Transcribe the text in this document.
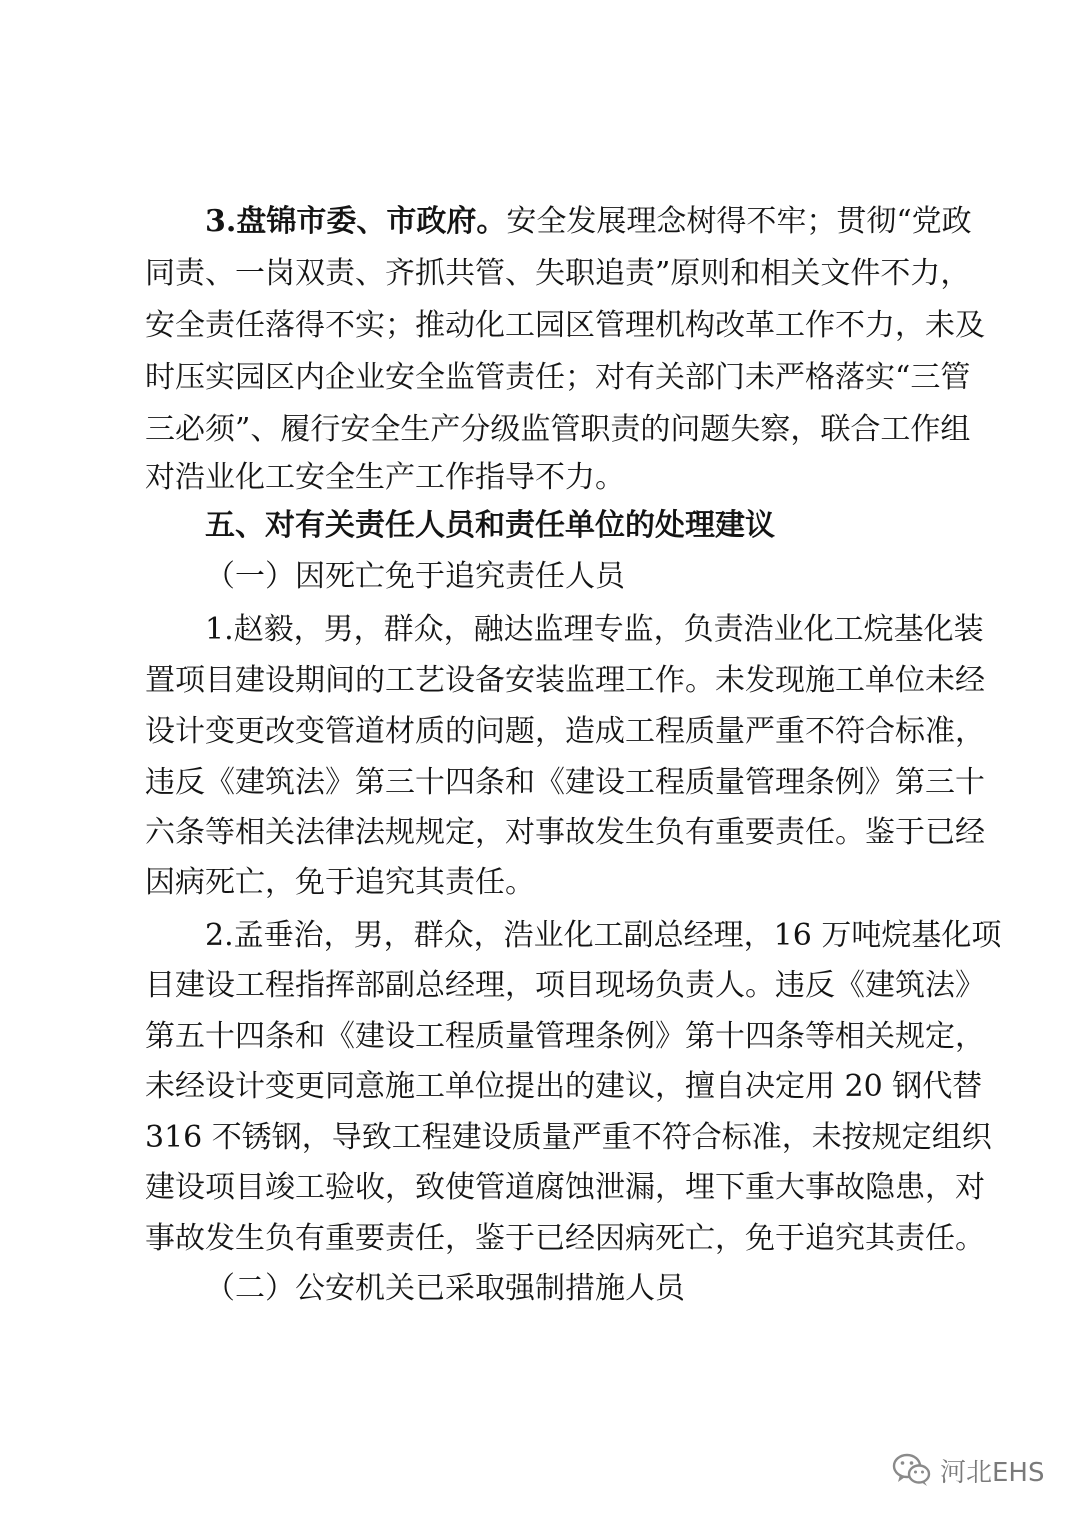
3.盘锦市委、市政府。安全发展理念树得不牢；贯彻“党政
同责、一岗双责、齐抓共管、失职追责”原则和相关文件不力，
安全责任落得不实；推动化工园区管理机构改革工作不力，未及
时压实园区内企业安全监管责任；对有关部门未严格落实“三管
三必须”、履行安全生产分级监管职责的问题失察，联合工作组
对浩业化工安全生产工作指导不力。
五、对有关责任人员和责任单位的处理建议
（一）因死亡免于追究责任人员
1.赵毅，男，群众，融达监理专监，负责浩业化工烷基化装
置项目建设期间的工艺设备安装监理工作。未发现施工单位未经
设计变更改变管道材质的问题，造成工程质量严重不符合标准，
违反《建筑法》第三十四条和《建设工程质量管理条例》第三十
六条等相关法律法规规定，对事故发生负有重要责任。鉴于已经
因病死亡，免于追究其责任。
2.孟垂治，男，群众，浩业化工副总经理，16 万吨烷基化项
目建设工程指挥部副总经理，项目现场负责人。违反《建筑法》
第五十四条和《建设工程质量管理条例》第十四条等相关规定，
未经设计变更同意施工单位提出的建议，擅自决定用 20 钢代替
316 不锈钢，导致工程建设质量严重不符合标准，未按规定组织
建设项目竣工验收，致使管道腐蚀泄漏，埋下重大事故隐患，对
事故发生负有重要责任，鉴于已经因病死亡，免于追究其责任。
（二）公安机关已采取强制措施人员
河北EHS
